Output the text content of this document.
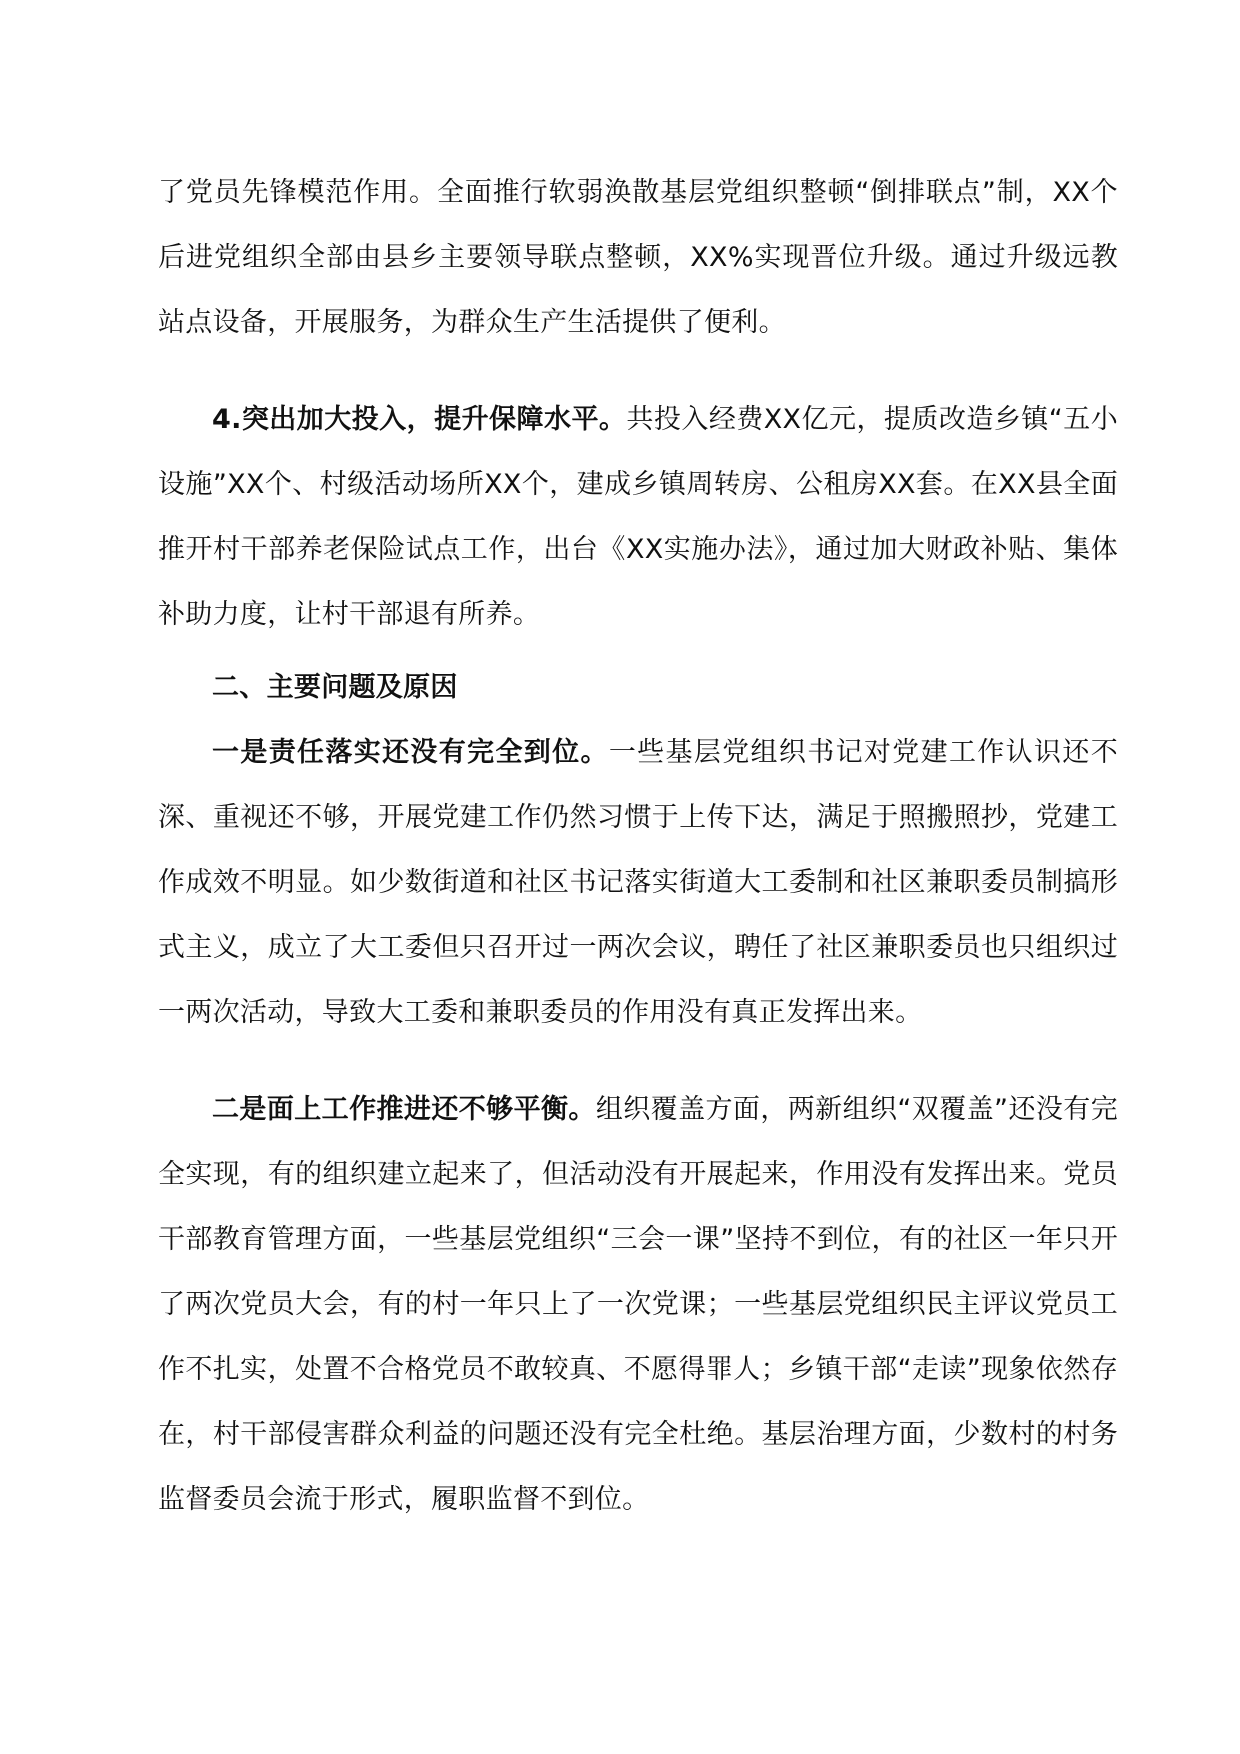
了党员先锋模范作用。全面推行软弱涣散基层党组织整顿“倒排联点”制，XX个后进党组织全部由县乡主要领导联点整顿，XX%实现晋位升级。通过升级远教站点设备，开展服务，为群众生产生活提供了便利。

4.突出加大投入，提升保障水平。共投入经费XX亿元，提质改造乡镇“五小设施”XX个、村级活动场所XX个，建成乡镇周转房、公租房XX套。在XX县全面推开村干部养老保险试点工作，出台《XX实施办法》，通过加大财政补贴、集体补助力度，让村干部退有所养。

二、主要问题及原因

一是责任落实还没有完全到位。一些基层党组织书记对党建工作认识还不深、重视还不够，开展党建工作仍然习惯于上传下达，满足于照搬照抄，党建工作成效不明显。如少数街道和社区书记落实街道大工委制和社区兼职委员制搞形式主义，成立了大工委但只召开过一两次会议，聘任了社区兼职委员也只组织过一两次活动，导致大工委和兼职委员的作用没有真正发挥出来。

二是面上工作推进还不够平衡。组织覆盖方面，两新组织“双覆盖”还没有完全实现，有的组织建立起来了，但活动没有开展起来，作用没有发挥出来。党员干部教育管理方面，一些基层党组织“三会一课”坚持不到位，有的社区一年只开了两次党员大会，有的村一年只上了一次党课；一些基层党组织民主评议党员工作不扎实，处置不合格党员不敢较真、不愿得罪人；乡镇干部“走读”现象依然存在，村干部侵害群众利益的问题还没有完全杜绝。基层治理方面，少数村的村务监督委员会流于形式，履职监督不到位。
